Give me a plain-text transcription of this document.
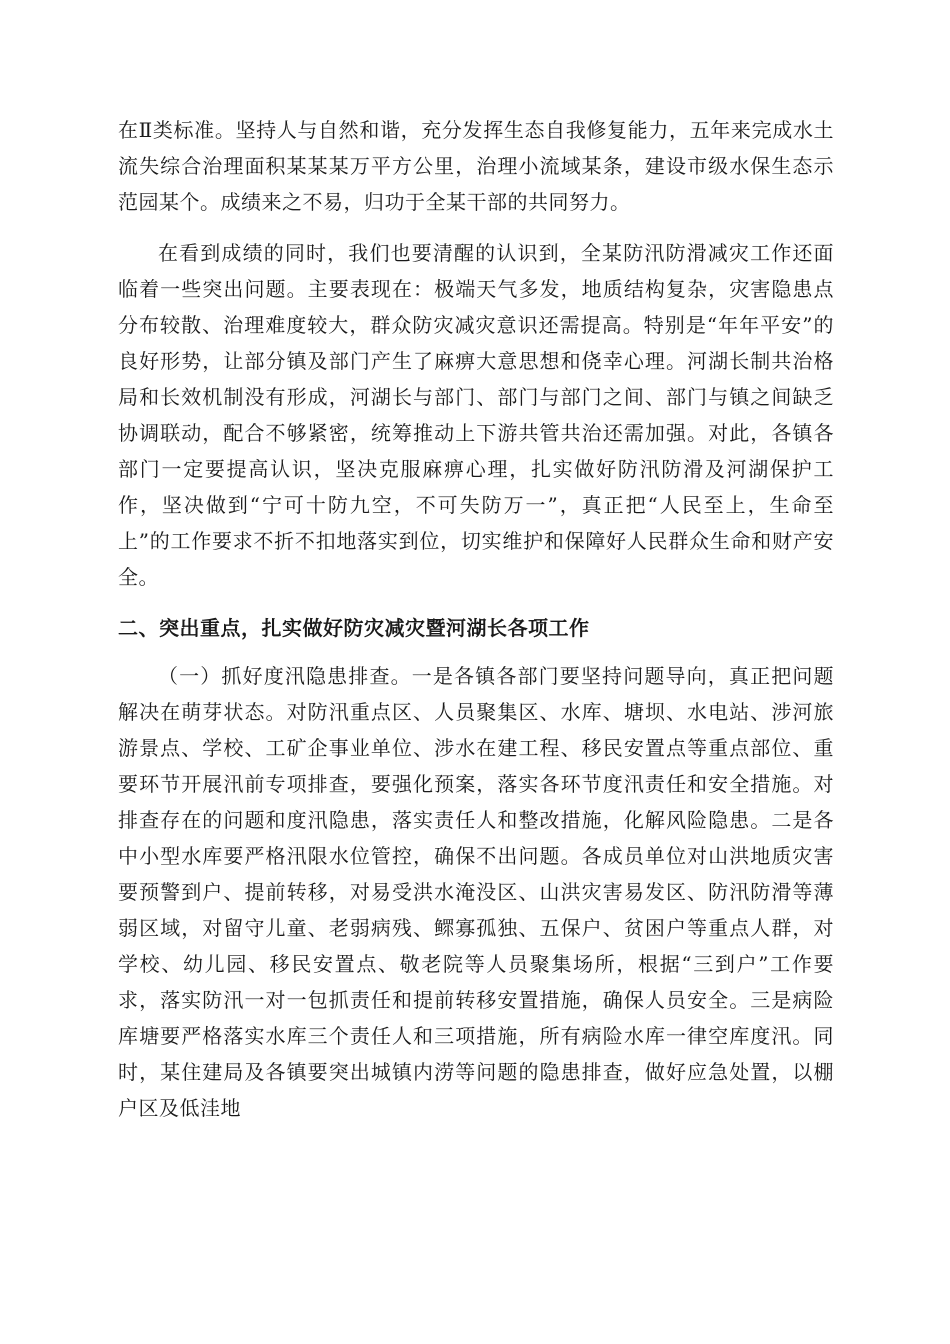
在Ⅱ类标准。坚持人与自然和谐，充分发挥生态自我修复能力，五年来完成水土流失综合治理面积某某某万平方公里，治理小流域某条，建设市级水保生态示范园某个。成绩来之不易，归功于全某干部的共同努力。

在看到成绩的同时，我们也要清醒的认识到，全某防汛防滑减灾工作还面临着一些突出问题。主要表现在：极端天气多发，地质结构复杂，灾害隐患点分布较散、治理难度较大，群众防灾减灾意识还需提高。特别是“年年平安”的良好形势，让部分镇及部门产生了麻痹大意思想和侥幸心理。河湖长制共治格局和长效机制没有形成，河湖长与部门、部门与部门之间、部门与镇之间缺乏协调联动，配合不够紧密，统筹推动上下游共管共治还需加强。对此，各镇各部门一定要提高认识，坚决克服麻痹心理，扎实做好防汛防滑及河湖保护工作，坚决做到“宁可十防九空，不可失防万一”，真正把“人民至上，生命至上”的工作要求不折不扣地落实到位，切实维护和保障好人民群众生命和财产安全。

二、突出重点，扎实做好防灾减灾暨河湖长各项工作

（一）抓好度汛隐患排查。一是各镇各部门要坚持问题导向，真正把问题解决在萌芽状态。对防汛重点区、人员聚集区、水库、塘坝、水电站、涉河旅游景点、学校、工矿企事业单位、涉水在建工程、移民安置点等重点部位、重要环节开展汛前专项排查，要强化预案，落实各环节度汛责任和安全措施。对排查存在的问题和度汛隐患，落实责任人和整改措施，化解风险隐患。二是各中小型水库要严格汛限水位管控，确保不出问题。各成员单位对山洪地质灾害要预警到户、提前转移，对易受洪水淹没区、山洪灾害易发区、防汛防滑等薄弱区域，对留守儿童、老弱病残、鳏寡孤独、五保户、贫困户等重点人群，对学校、幼儿园、移民安置点、敬老院等人员聚集场所，根据“三到户”工作要求，落实防汛一对一包抓责任和提前转移安置措施，确保人员安全。三是病险库塘要严格落实水库三个责任人和三项措施，所有病险水库一律空库度汛。同时，某住建局及各镇要突出城镇内涝等问题的隐患排查，做好应急处置，以棚户区及低洼地
